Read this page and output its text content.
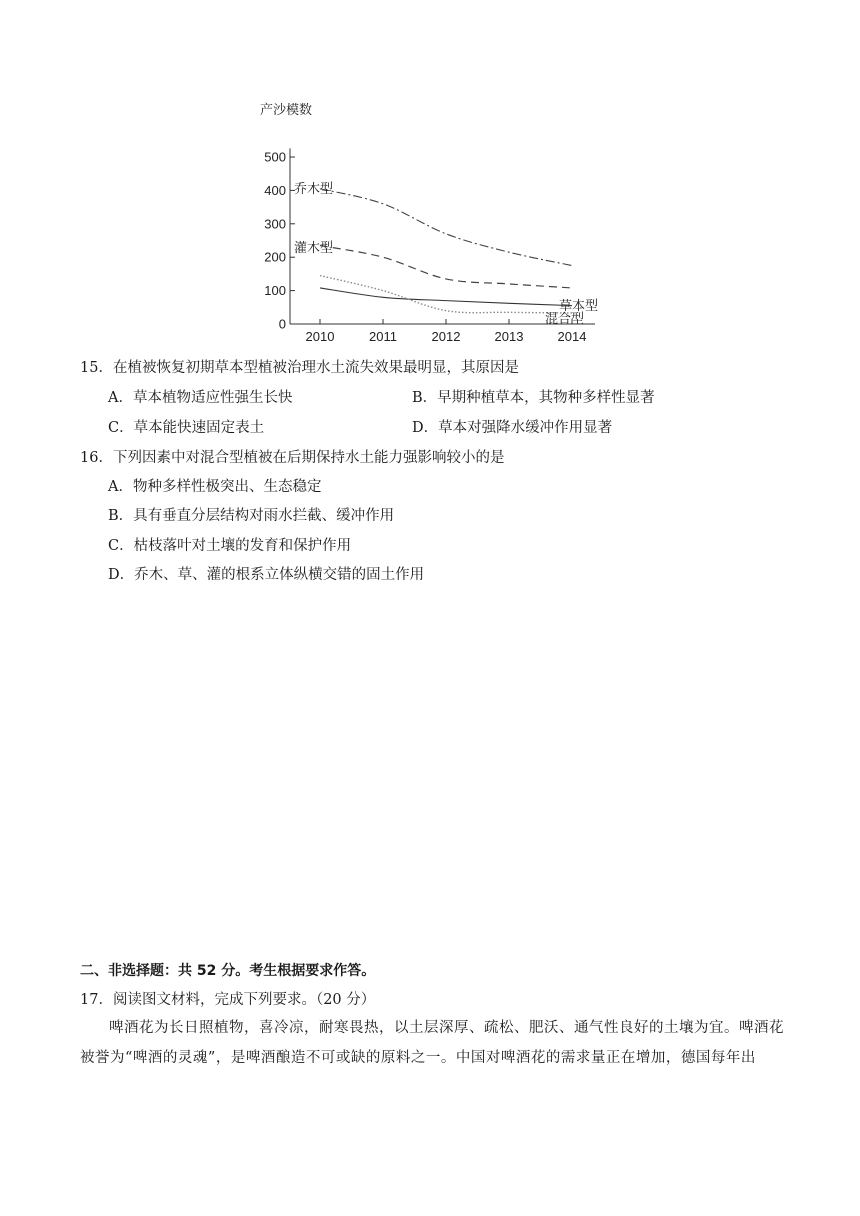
产沙模数
0
100
200
300
400
500
2010	2011	2012	2013	2014
乔木型
灌木型
草本型
混合型
15．在植被恢复初期草本型植被治理水土流失效果最明显，其原因是
A．草本植物适应性强生长快	B．早期种植草本，其物种多样性显著
C．草本能快速固定表土	D．草本对强降水缓冲作用显著
16．下列因素中对混合型植被在后期保持水土能力强影响较小的是
A．物种多样性极突出、生态稳定
B．具有垂直分层结构对雨水拦截、缓冲作用
C．枯枝落叶对土壤的发育和保护作用
D．乔木、草、灌的根系立体纵横交错的固土作用
二、非选择题：共 52 分。考生根据要求作答。
17．阅读图文材料，完成下列要求。（20 分）
啤酒花为长日照植物，喜冷凉，耐寒畏热，以土层深厚、疏松、肥沃、通气性良好的土壤为宜。啤酒花被誉为“啤酒的灵魂”，是啤酒酿造不可或缺的原料之一。中国对啤酒花的需求量正在增加，德国每年出
